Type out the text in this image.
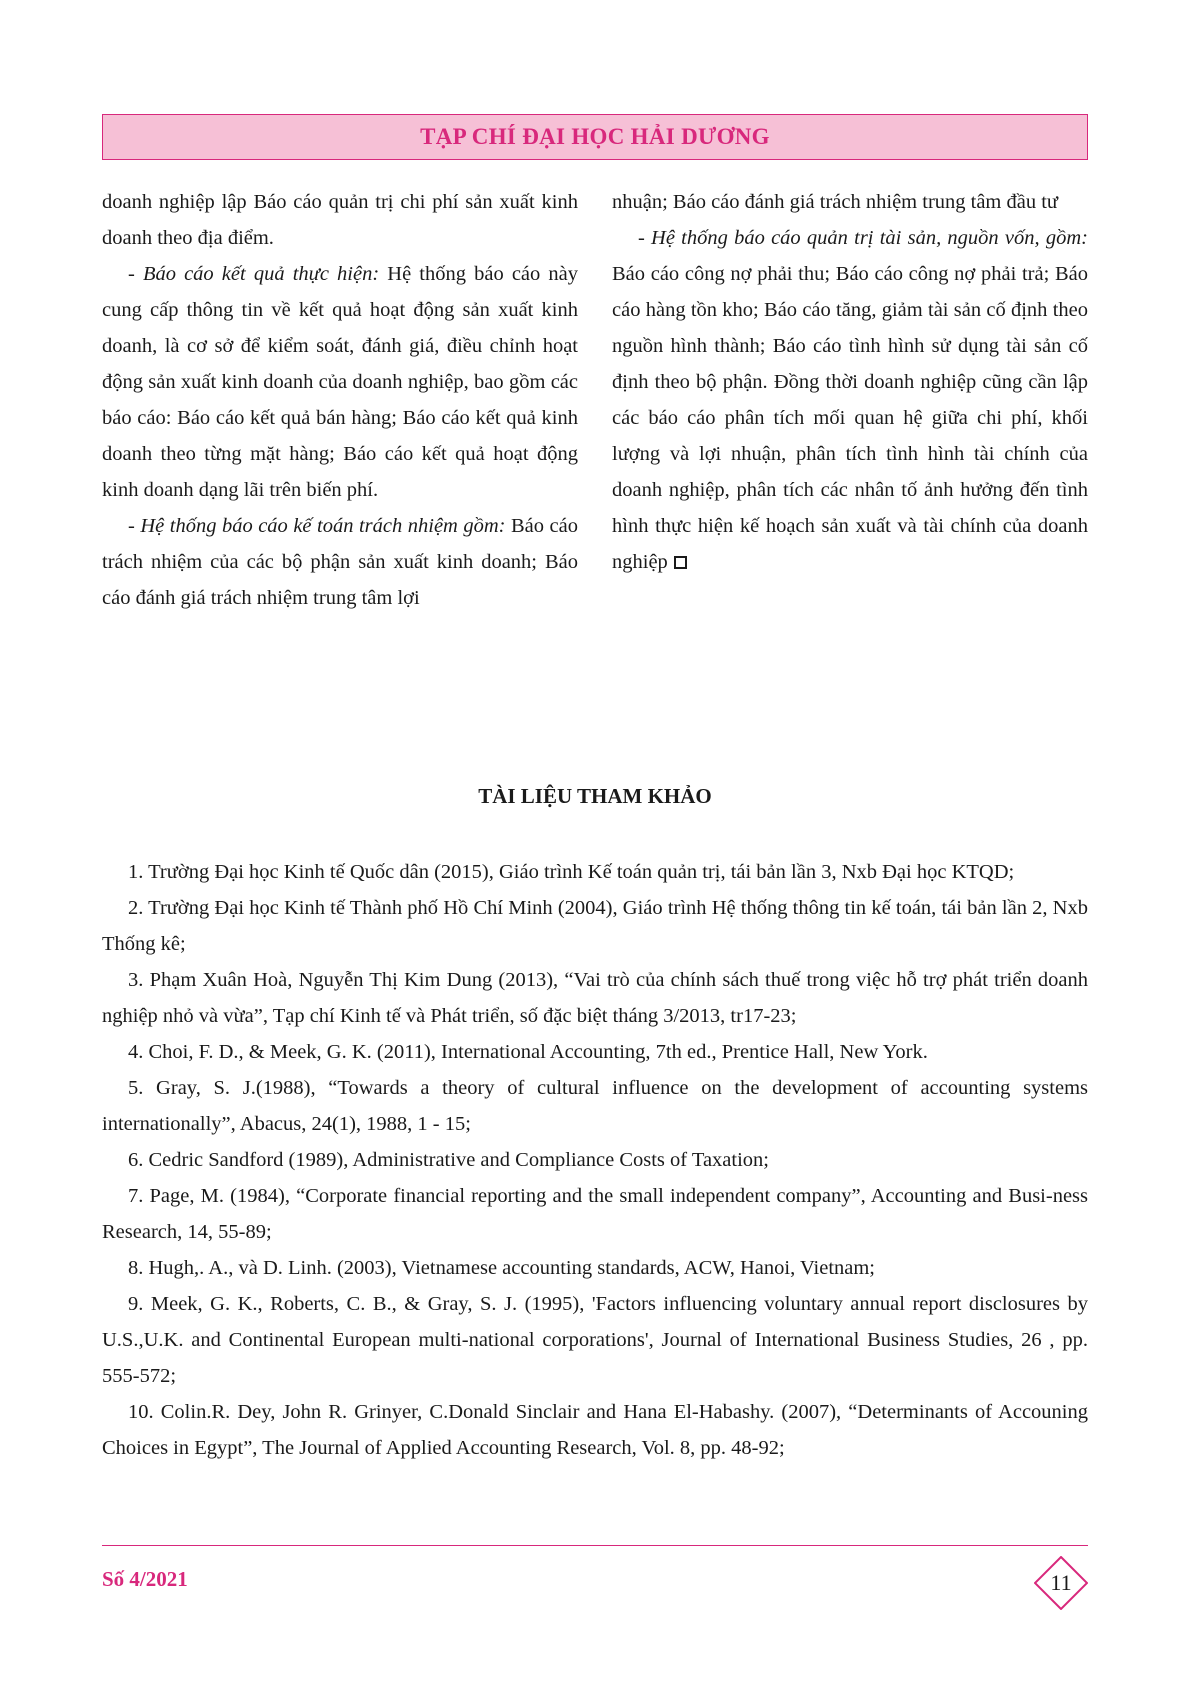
TẠP CHÍ ĐẠI HỌC HẢI DƯƠNG

doanh nghiệp lập Báo cáo quản trị chi phí sản xuất kinh doanh theo địa điểm.

- Báo cáo kết quả thực hiện: Hệ thống báo cáo này cung cấp thông tin về kết quả hoạt động sản xuất kinh doanh, là cơ sở để kiểm soát, đánh giá, điều chỉnh hoạt động sản xuất kinh doanh của doanh nghiệp, bao gồm các báo cáo: Báo cáo kết quả bán hàng; Báo cáo kết quả kinh doanh theo từng mặt hàng; Báo cáo kết quả hoạt động kinh doanh dạng lãi trên biến phí.

- Hệ thống báo cáo kế toán trách nhiệm gồm: Báo cáo trách nhiệm của các bộ phận sản xuất kinh doanh; Báo cáo đánh giá trách nhiệm trung tâm lợi

nhuận; Báo cáo đánh giá trách nhiệm trung tâm đầu tư

- Hệ thống báo cáo quản trị tài sản, nguồn vốn, gồm: Báo cáo công nợ phải thu; Báo cáo công nợ phải trả; Báo cáo hàng tồn kho; Báo cáo tăng, giảm tài sản cố định theo nguồn hình thành; Báo cáo tình hình sử dụng tài sản cố định theo bộ phận. Đồng thời doanh nghiệp cũng cần lập các báo cáo phân tích mối quan hệ giữa chi phí, khối lượng và lợi nhuận, phân tích tình hình tài chính của doanh nghiệp, phân tích các nhân tố ảnh hưởng đến tình hình thực hiện kế hoạch sản xuất và tài chính của doanh nghiệp

TÀI LIỆU THAM KHẢO

1. Trường Đại học Kinh tế Quốc dân (2015), Giáo trình Kế toán quản trị, tái bản lần 3, Nxb Đại học KTQD;

2. Trường Đại học Kinh tế Thành phố Hồ Chí Minh (2004), Giáo trình Hệ thống thông tin kế toán, tái bản lần 2, Nxb Thống kê;

3. Phạm Xuân Hoà, Nguyễn Thị Kim Dung (2013), “Vai trò của chính sách thuế trong việc hỗ trợ phát triển doanh nghiệp nhỏ và vừa”, Tạp chí Kinh tế và Phát triển, số đặc biệt tháng 3/2013, tr17-23;

4. Choi, F. D., & Meek, G. K. (2011), International Accounting, 7th ed., Prentice Hall, New York.

5. Gray, S. J.(1988), “Towards a theory of cultural influence on the development of accounting systems internationally”, Abacus, 24(1), 1988, 1 - 15;

6. Cedric Sandford (1989), Administrative and Compliance Costs of Taxation;

7. Page, M. (1984), “Corporate financial reporting and the small independent company”, Accounting and Busi-ness Research, 14, 55-89;

8. Hugh,. A., và D. Linh. (2003), Vietnamese accounting standards, ACW, Hanoi, Vietnam;

9. Meek, G. K., Roberts, C. B., & Gray, S. J. (1995), 'Factors influencing voluntary annual report disclosures by U.S.,U.K. and Continental European multi-national corporations', Journal of International Business Studies, 26 , pp. 555-572;

10. Colin.R. Dey, John R. Grinyer, C.Donald Sinclair and Hana El-Habashy. (2007), “Determinants of Accouning Choices in Egypt”, The Journal of Applied Accounting Research, Vol. 8, pp. 48-92;

Số 4/2021	11
